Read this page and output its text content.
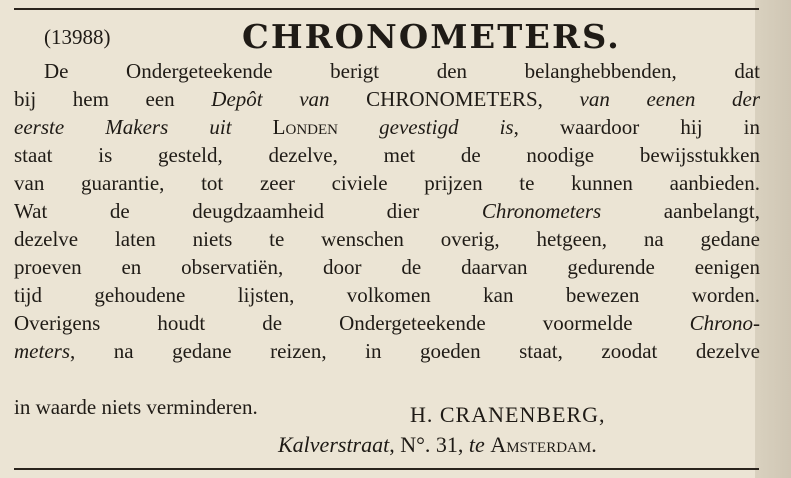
(13988)	CHRONOMETERS.
De Ondergeteekende berigt den belanghebbenden, dat
bij hem een Depôt van CHRONOMETERS, van eenen der
eerste Makers uit Londen gevestigd is, waardoor hij in
staat is gesteld, dezelve, met de noodige bewijsstukken
van guarantie, tot zeer civiele prijzen te kunnen aanbieden.
Wat de deugdzaamheid dier Chronometers aanbelangt,
dezelve laten niets te wenschen overig, hetgeen, na gedane
proeven en observatiën, door de daarvan gedurende eenigen
tijd gehoudene lijsten, volkomen kan bewezen worden.
Overigens houdt de Ondergeteekende voormelde Chrono-
meters, na gedane reizen, in goeden staat, zoodat dezelve
in waarde niets verminderen.	H. CRANENBERG,
Kalverstraat, N°. 31, te Amsterdam.
